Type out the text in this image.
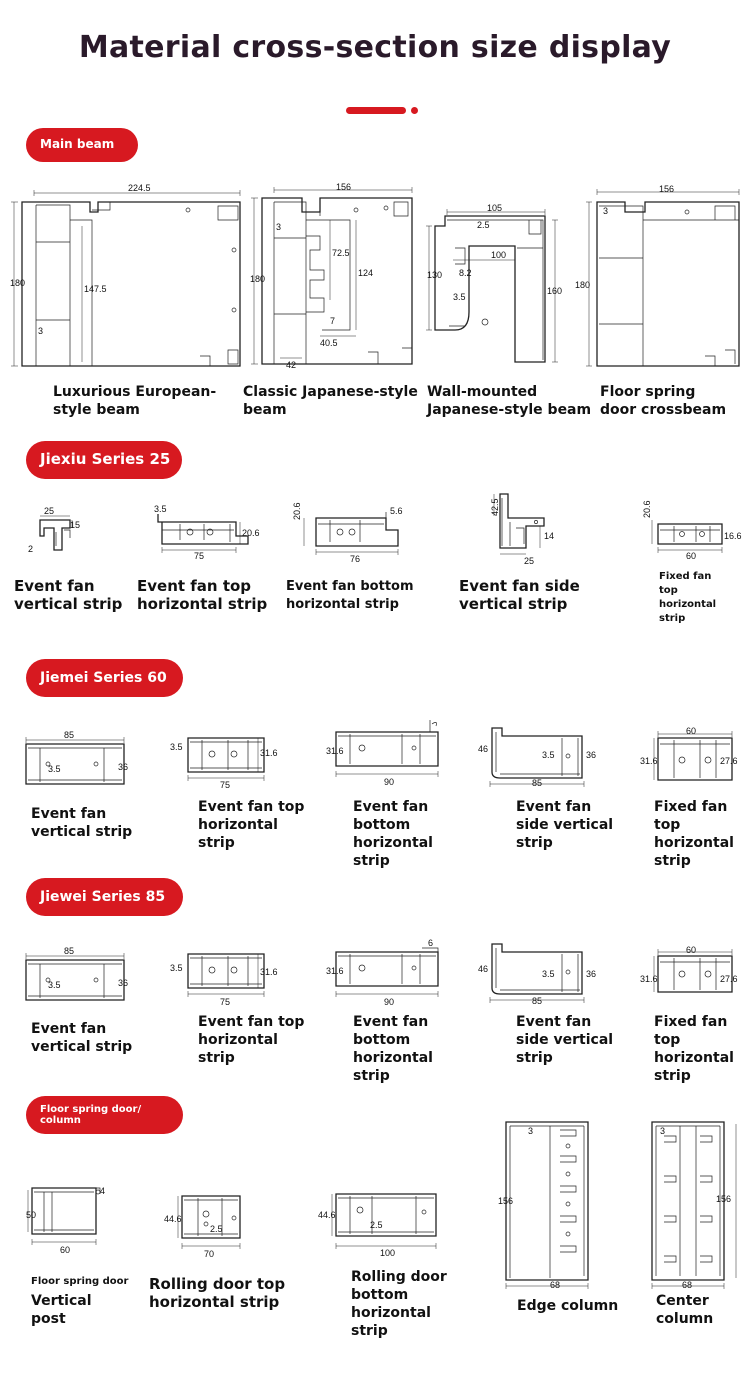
Material cross-section size display
Main beam
224.5
180
147.5
3
156
3
180
72.5
124
7
40.5
42
105
2.5
100
130 8.2
3.5
160
156
3
180
Luxurious European-
style beam
Classic Japanese-style
beam
Wall-mounted
Japanese-style beam
Floor spring
door crossbeam
Jiexiu Series 25
25
15
2
3.5
20.6
75
20.6	5.6
76
42.5
14
25
20.6
16.6
60
Event fan
vertical strip
Event fan top
horizontal strip
Event fan bottom
horizontal strip
Event fan side
vertical strip
Fixed fan
top
horizontal
strip
Jiemei Series 60
85
3.5	36
3.5
31.6
75
31.6
90
46
3.5	36
85
60
31.6	27.6
Event fan
vertical strip
Event fan top
horizontal
strip
Event fan
bottom
horizontal
strip
Event fan
side vertical
strip
Fixed fan
top
horizontal
strip
Jiewei Series 85
85
3.5	36
3.5	31.6
75
6
31.6
90
46	3.5	36
85
60
31.6	27.6
Event fan
vertical strip
Event fan top
horizontal
strip
Event fan
bottom
horizontal
strip
Event fan
side vertical
strip
Fixed fan
top
horizontal
strip
Floor spring door/ column
4
50
60
44.6
2.5
70
44.6
2.5
100
3
156
68
3
156
68
Floor spring door
Vertical
post
Rolling door top
horizontal strip
Rolling door
bottom
horizontal
strip
Edge column	Center
column
